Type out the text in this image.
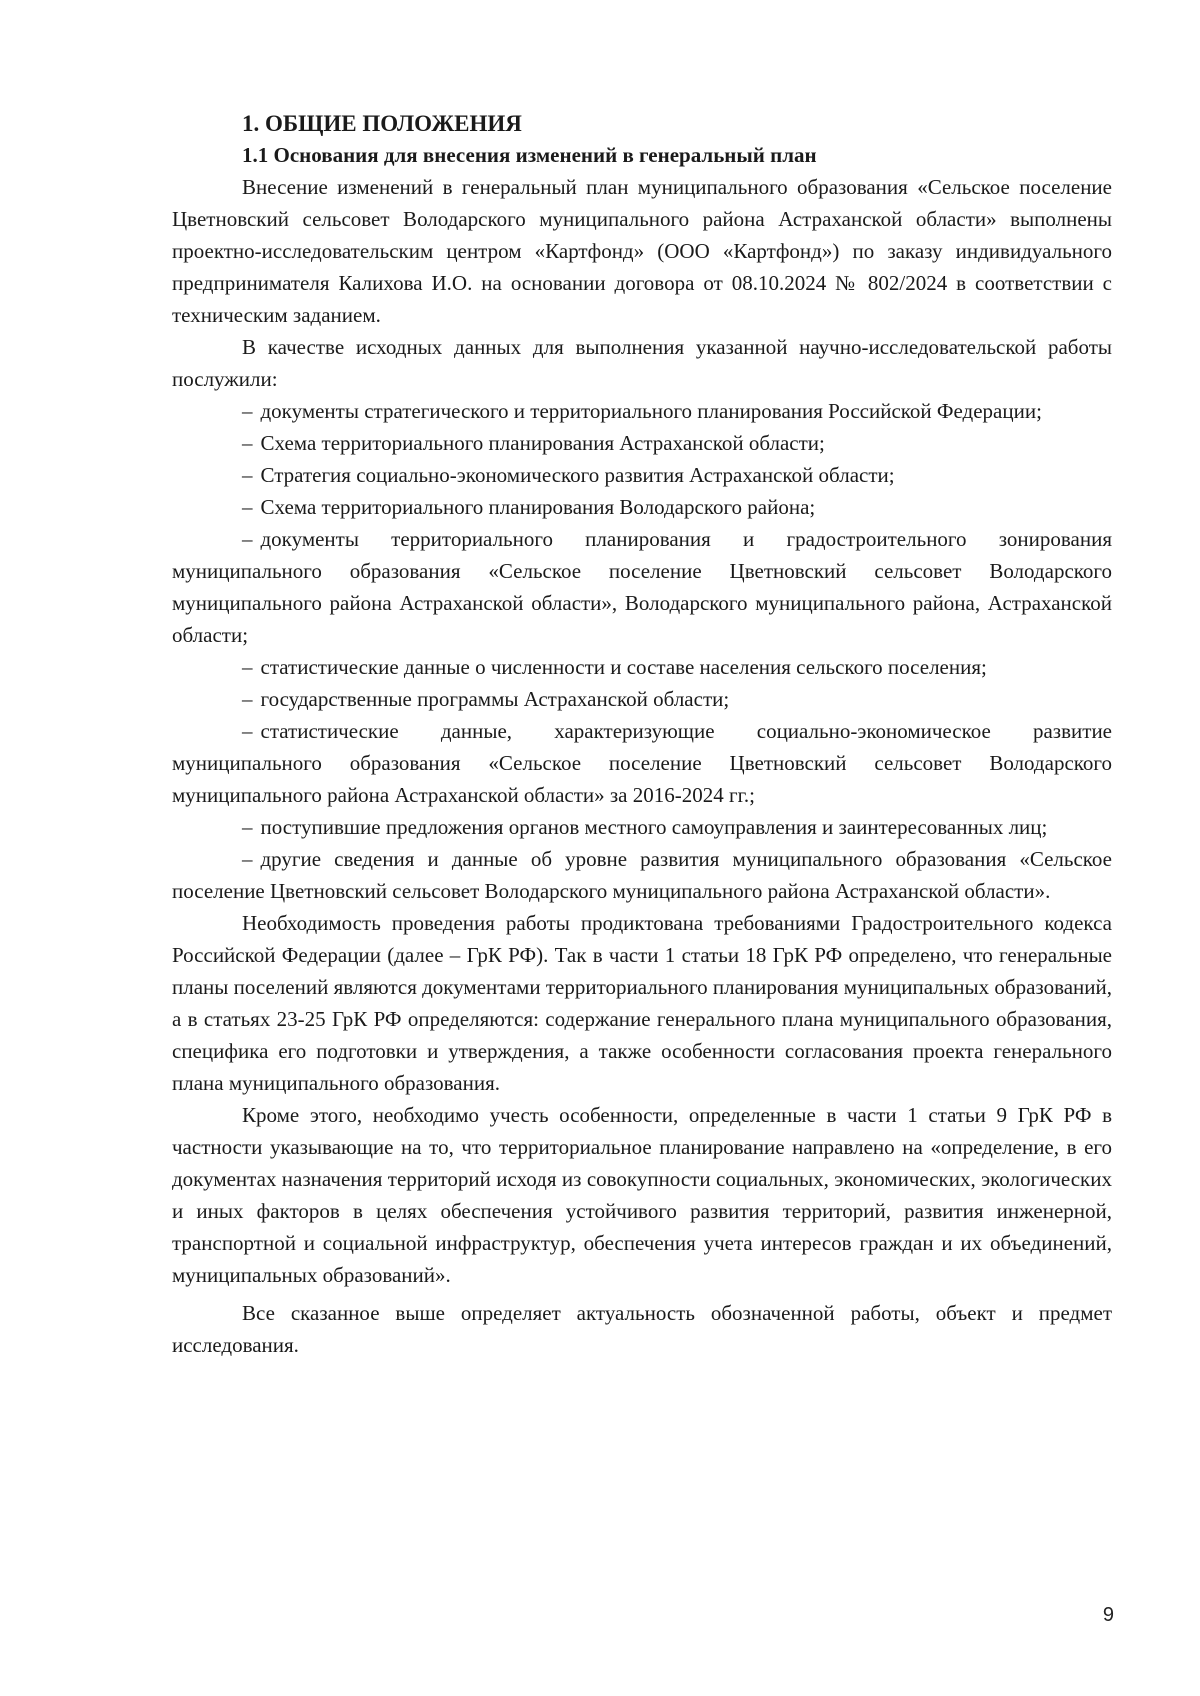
1. ОБЩИЕ ПОЛОЖЕНИЯ
1.1 Основания для внесения изменений в генеральный план

Внесение изменений в генеральный план муниципального образования «Сельское поселение Цветновский сельсовет Володарского муниципального района Астраханской области» выполнены проектно-исследовательским центром «Картфонд» (ООО «Картфонд») по заказу индивидуального предпринимателя Калихова И.О. на основании договора от 08.10.2024 № 802/2024 в соответствии с техническим заданием.

В качестве исходных данных для выполнения указанной научно-исследовательской работы послужили:

– документы стратегического и территориального планирования Российской Федерации;

– Схема территориального планирования Астраханской области;

– Стратегия социально-экономического развития Астраханской области;

– Схема территориального планирования Володарского района;

– документы территориального планирования и градостроительного зонирования муниципального образования «Сельское поселение Цветновский сельсовет Володарского муниципального района Астраханской области», Володарского муниципального района, Астраханской области;

– статистические данные о численности и составе населения сельского поселения;

– государственные программы Астраханской области;

– статистические данные, характеризующие социально-экономическое развитие муниципального образования «Сельское поселение Цветновский сельсовет Володарского муниципального района Астраханской области» за 2016-2024 гг.;

– поступившие предложения органов местного самоуправления и заинтересованных лиц;

– другие сведения и данные об уровне развития муниципального образования «Сельское поселение Цветновский сельсовет Володарского муниципального района Астраханской области».

Необходимость проведения работы продиктована требованиями Градостроительного кодекса Российской Федерации (далее – ГрК РФ). Так в части 1 статьи 18 ГрК РФ определено, что генеральные планы поселений являются документами территориального планирования муниципальных образований, а в статьях 23-25 ГрК РФ определяются: содержание генерального плана муниципального образования, специфика его подготовки и утверждения, а также особенности согласования проекта генерального плана муниципального образования.

Кроме этого, необходимо учесть особенности, определенные в части 1 статьи 9 ГрК РФ в частности указывающие на то, что территориальное планирование направлено на «определение, в его документах назначения территорий исходя из совокупности социальных, экономических, экологических и иных факторов в целях обеспечения устойчивого развития территорий, развития инженерной, транспортной и социальной инфраструктур, обеспечения учета интересов граждан и их объединений, муниципальных образований».

Все сказанное выше определяет актуальность обозначенной работы, объект и предмет исследования.

9
